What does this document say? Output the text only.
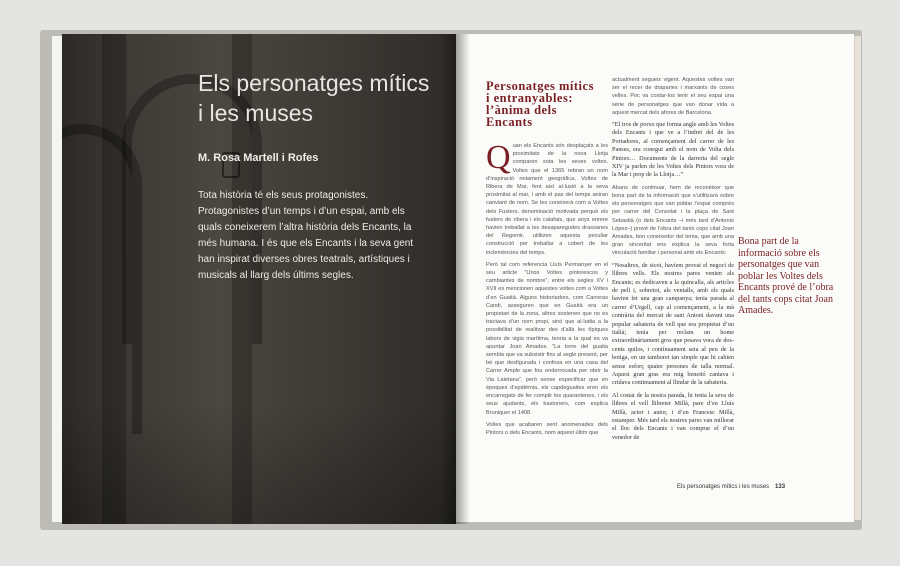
Els personatges mítics i les muses
M. Rosa Martell i Rofes

Tota història té els seus protagonistes. Protagonistes d’un temps i d’un espai, amb els quals coneixerem l’altra història dels Encants, la més humana. I és que els Encants i la seva gent han inspirat diverses obres teatrals, artístiques i musicals al llarg dels últims segles.

Personatges mítics i entranyables: l’ànima dels Encants

Quan els Encants són desplaçats a les proximitats de la nova Llotja comparen sota les seves voltes. Voltes que el 1365 rebran un nom d’inspiració netament geogràfica, Voltes de Ribera de Mar, fent així al·lusió a la seva proximitat al mar, i amb el pas del temps aniran canviant de nom. Se les coneixerà com a Voltes dels Fusters, denominació motivada perquè els fusters de ribera i els calafats, que anys enrere havien treballat a les desaparegudes drassanes del Regomir, utilitzen aquesta peculiar construcció per treballar a cobert de les inclemències del temps.

Però tal com referencia Lluís Permanyer en el seu article “Unos Voltes pintorescos y cambiantes de nombre”, entre els segles XV i XVII es mencionen aquestes voltes com a Voltes d’en Guaità. Alguns historiadors, com Carreras Candi, asseguren que en Guaità era un propietari de la zona, altres sostenen que no es tractava d’un nom propi, sinó que al·ludia a la possibilitat de realitzar des d’allà les típiques labors de vigia marítima, teoria a la qual es va apuntar Joan Amades. “La torre del guaita sembla que va subsistir fins al segle present, per bé que desfigurada i confosa en una casa del Carrer Ample que fou enderrocada per obrir la Via Laietana”, però sense especificar que en èpoques d’epidèmia, els capdeguaites eren els encarregats de fer complir les quarantenes, i els seus ajudants, els bastoners, com explica Bruniquer el 1408.

Voltes que acabaren sent anomenades dels Pintors o dels Encants, nom aquest últim que

actualment segueix vigent. Aquestes voltes van ser el recer de draparies i marxants de coses velles. Poc va costar-los tenir el seu espai una sèrie de personatges que van donar vida a aquest mercat dels afores de Barcelona.

“El tros de porxo que forma angle amb les Voltes dels Encants i que ve a l’indret del de les Portadores, al començament del carrer de les Panses, era conegut amb el nom de Volta dels Pintors… Documents de la darreria del segle XIV ja parlen de les Voltes dels Pintors vora de la Mar i prop de la Llotja…”

Abans de continuar, hem de reconèixer que bona part de la informació que s’utilitzarà sobre els personatges que van poblar l’espai comprès per carrer del Consolat i la plaça de Sant Sebastià (o dels Encants –i més tard d’Antonio López–) prové de l’obra del tants cops citat Joan Amades, bon coneixedor del tema, que amb una gran sinceritat ens explica la seva forta vinculació familiar i personal amb els Encants:

“Nosaltres, de sicot, havíem provat el negoci de llibres vells. Els nostres pares venien als Encants; es dedicaven a la quincalla, als articles de pell i, sobretot, als ventalls, amb els quals havien fet una gran campanya; tenia parada al carrer d’Urgell, cap al començament, a la mà contrària del mercat de sant Antoni davant una popular sabateria de vell que era propietat d’un italià; tenia per reclam un home extraordinàriament gros que pesava vora de dos-cents quilos, i contínuament seia al peu de la botiga, en un tamboret tan simple que hi cabien sense esforç quatre persones de talla normal. Aquest gran gras era mig beneitó cantava i cridava continuament al llindar de la sabateria.

Al costat de la nostra parada, hi tenia la seva de llibres el vell llibreter Millà, pare d’en Lluís Millà, actor i autor, i d’en Francesc Millà, estamper. Més tard els nostres pares van millorar el lloc dels Encants i van comprar el d’un venedor de

Bona part de la informació sobre els personatges que van poblar les Voltes dels Encants prové de l’obra del tants cops citat Joan Amades.

Els personatges mítics i les muses 133
